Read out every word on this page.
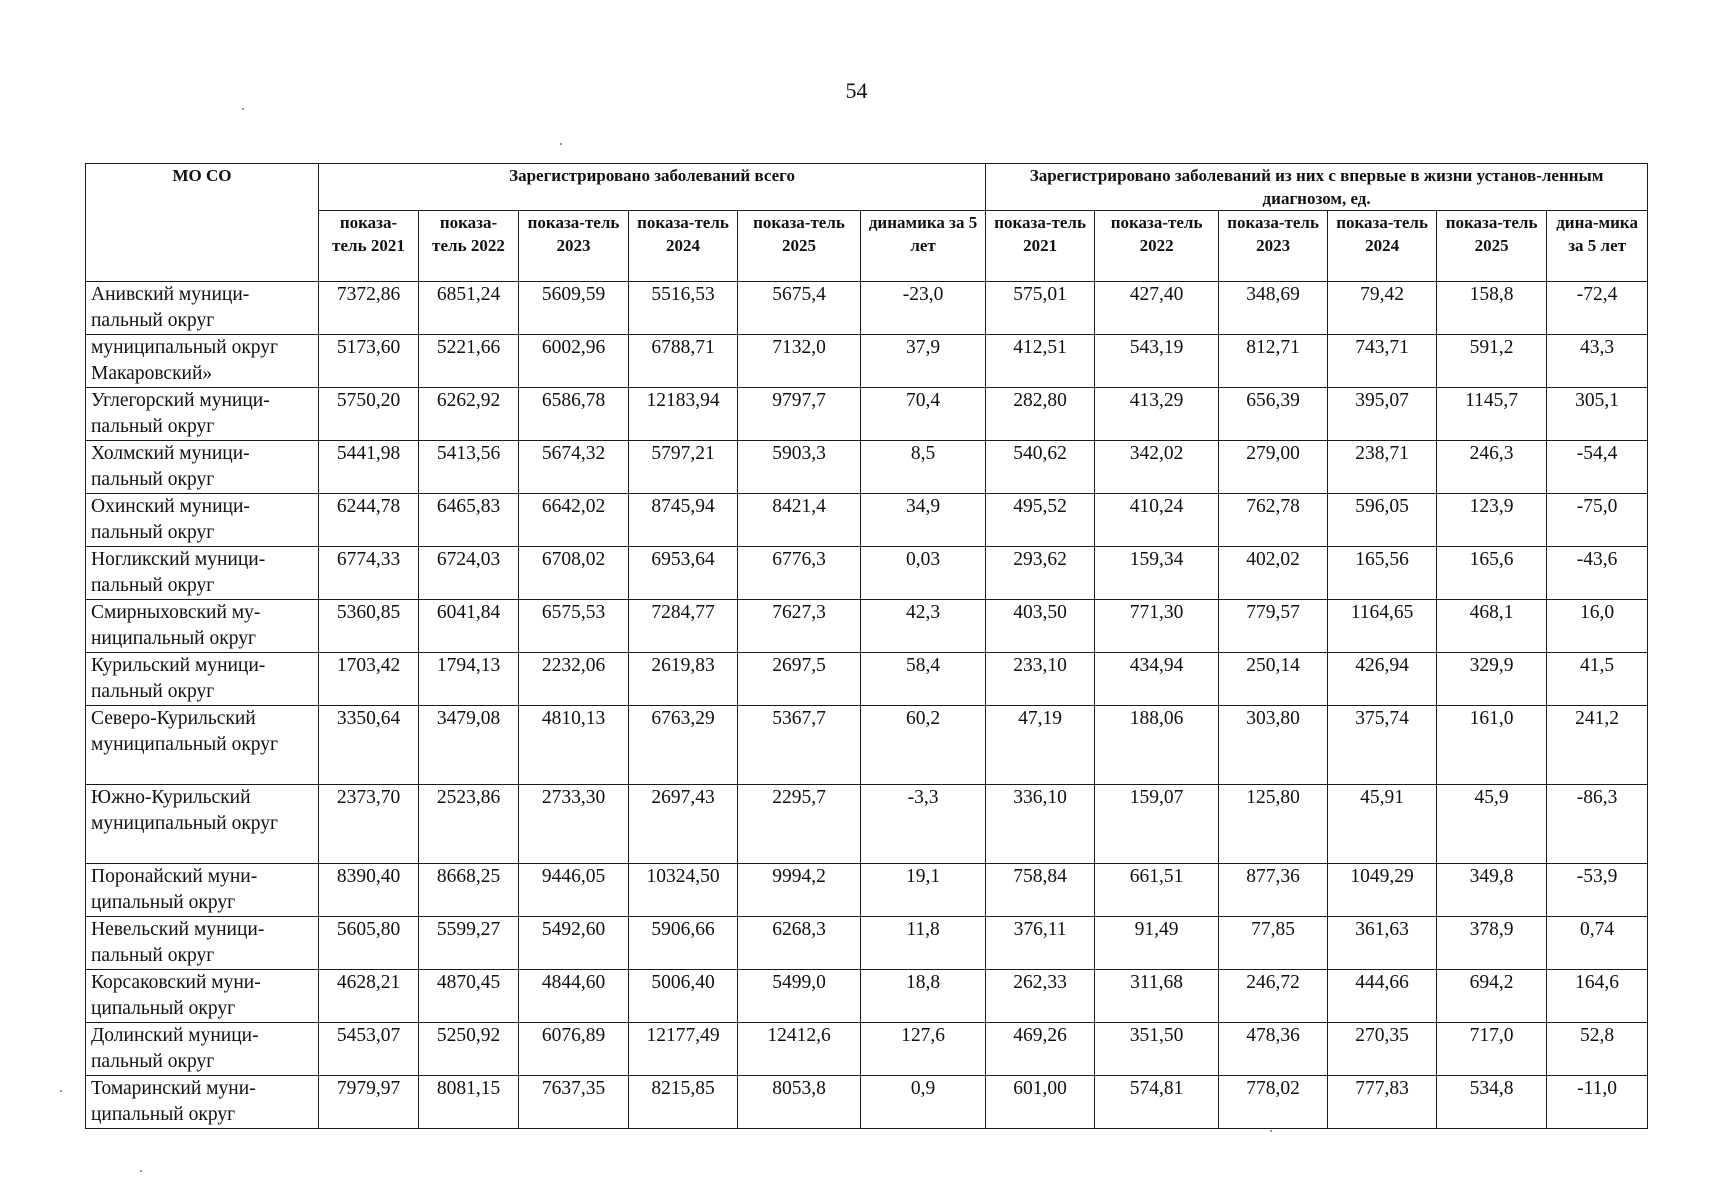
54
МО СО	Зарегистрировано заболеваний всего						Зарегистрировано заболеваний из них с впервые в жизни установ-ленным диагнозом, ед.					
	показа-тель 2021	показа-тель 2022	показа-тель 2023	показа-тель 2024	показа-тель 2025	динамика за 5 лет	показа-тель 2021	показа-тель 2022	показа-тель 2023	показа-тель 2024	показа-тель 2025	дина-мика за 5 лет
Анивский муници-пальный округ	7372,86	6851,24	5609,59	5516,53	5675,4	-23,0	575,01	427,40	348,69	79,42	158,8	-72,4
муниципальный округ Макаровский»	5173,60	5221,66	6002,96	6788,71	7132,0	37,9	412,51	543,19	812,71	743,71	591,2	43,3
Углегорский муници-пальный округ	5750,20	6262,92	6586,78	12183,94	9797,7	70,4	282,80	413,29	656,39	395,07	1145,7	305,1
Холмский муници-пальный округ	5441,98	5413,56	5674,32	5797,21	5903,3	8,5	540,62	342,02	279,00	238,71	246,3	-54,4
Охинский муници-пальный округ	6244,78	6465,83	6642,02	8745,94	8421,4	34,9	495,52	410,24	762,78	596,05	123,9	-75,0
Ногликский муници-пальный округ	6774,33	6724,03	6708,02	6953,64	6776,3	0,03	293,62	159,34	402,02	165,56	165,6	-43,6
Смирныховский му-ниципальный округ	5360,85	6041,84	6575,53	7284,77	7627,3	42,3	403,50	771,30	779,57	1164,65	468,1	16,0
Курильский муници-пальный округ	1703,42	1794,13	2232,06	2619,83	2697,5	58,4	233,10	434,94	250,14	426,94	329,9	41,5
Северо-Курильский муниципальный округ	3350,64	3479,08	4810,13	6763,29	5367,7	60,2	47,19	188,06	303,80	375,74	161,0	241,2
Южно-Курильский муниципальный округ	2373,70	2523,86	2733,30	2697,43	2295,7	-3,3	336,10	159,07	125,80	45,91	45,9	-86,3
Поронайский муни-ципальный округ	8390,40	8668,25	9446,05	10324,50	9994,2	19,1	758,84	661,51	877,36	1049,29	349,8	-53,9
Невельский муници-пальный округ	5605,80	5599,27	5492,60	5906,66	6268,3	11,8	376,11	91,49	77,85	361,63	378,9	0,74
Корсаковский муни-ципальный округ	4628,21	4870,45	4844,60	5006,40	5499,0	18,8	262,33	311,68	246,72	444,66	694,2	164,6
Долинский муници-пальный округ	5453,07	5250,92	6076,89	12177,49	12412,6	127,6	469,26	351,50	478,36	270,35	717,0	52,8
Томаринский муни-ципальный округ	7979,97	8081,15	7637,35	8215,85	8053,8	0,9	601,00	574,81	778,02	777,83	534,8	-11,0
